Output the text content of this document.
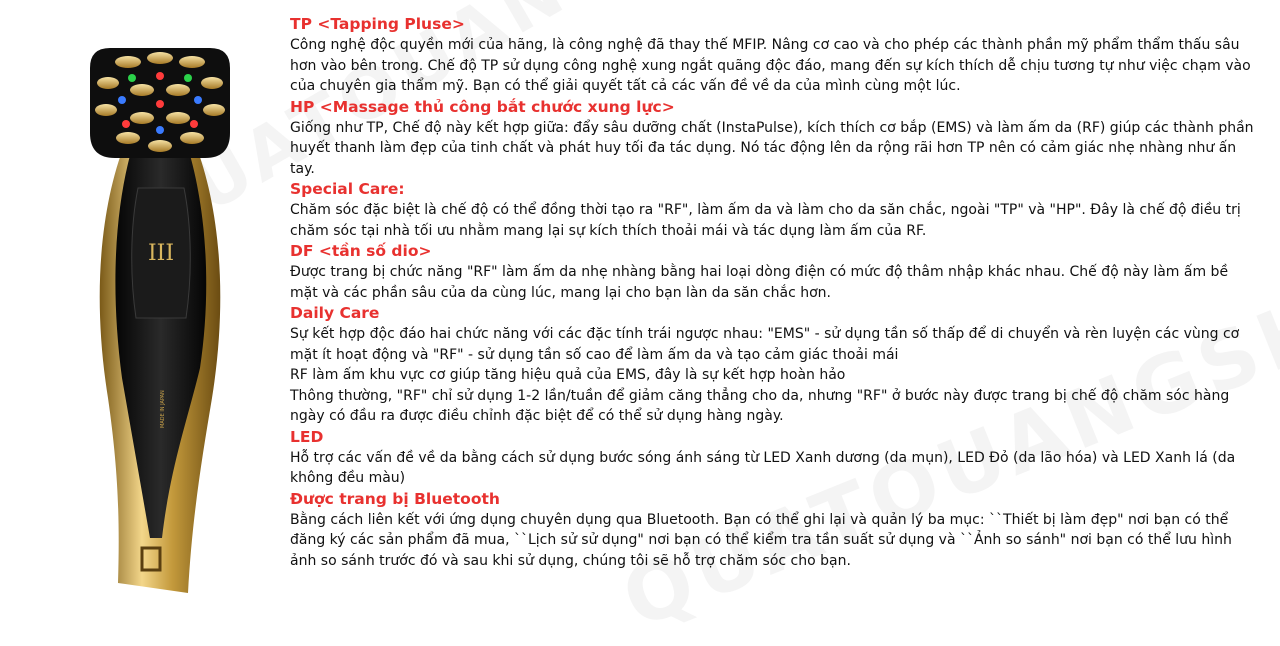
III
MADE IN JAPAN

TP <Tapping Pluse>

Công nghệ độc quyền mới của hãng, là công nghệ đã thay thế MFIP. Nâng cơ cao và cho phép các thành phần mỹ phẩm thẩm thấu sâu hơn vào bên trong. Chế độ TP sử dụng công nghệ xung ngắt quãng độc đáo, mang đến sự kích thích dễ chịu tương tự như việc chạm vào của chuyên gia thẩm mỹ. Bạn có thể giải quyết tất cả các vấn đề về da của mình cùng một lúc.

HP <Massage thủ công bắt chước xung lực>

Giống như TP, Chế độ này kết hợp giữa: đẩy sâu dưỡng chất (InstaPulse), kích thích cơ bắp (EMS) và làm ấm da (RF) giúp các thành phần huyết thanh làm đẹp của tinh chất và phát huy tối đa tác dụng. Nó tác động lên da rộng rãi hơn TP nên có cảm giác nhẹ nhàng như ấn tay.

Special Care:

Chăm sóc đặc biệt là chế độ có thể đồng thời tạo ra "RF", làm ấm da và làm cho da săn chắc, ngoài "TP" và "HP". Đây là chế độ điều trị chăm sóc tại nhà tối ưu nhằm mang lại sự kích thích thoải mái và tác dụng làm ấm của RF.

DF <tần số dio>

Được trang bị chức năng "RF" làm ấm da nhẹ nhàng bằng hai loại dòng điện có mức độ thâm nhập khác nhau. Chế độ này làm ấm bề mặt và các phần sâu của da cùng lúc, mang lại cho bạn làn da săn chắc hơn.

Daily Care

Sự kết hợp độc đáo hai chức năng với các đặc tính trái ngược nhau: "EMS" - sử dụng tần số thấp để di chuyển và rèn luyện các vùng cơ mặt ít hoạt động và "RF" - sử dụng tần số cao để làm ấm da và tạo cảm giác thoải mái

RF làm ấm khu vực cơ giúp tăng hiệu quả của EMS, đây là sự kết hợp hoàn hảo

Thông thường, "RF" chỉ sử dụng 1-2 lần/tuần để giảm căng thẳng cho da, nhưng "RF" ở bước này được trang bị chế độ chăm sóc hàng ngày có đầu ra được điều chỉnh đặc biệt để có thể sử dụng hàng ngày.

LED

Hỗ trợ các vấn đề về da bằng cách sử dụng bước sóng ánh sáng từ LED Xanh dương (da mụn), LED Đỏ (da lão hóa) và LED Xanh lá (da không đều màu)

Được trang bị Bluetooth

Bằng cách liên kết với ứng dụng chuyên dụng qua Bluetooth. Bạn có thể ghi lại và quản lý ba mục: ``Thiết bị làm đẹp" nơi bạn có thể đăng ký các sản phẩm đã mua, ``Lịch sử sử dụng" nơi bạn có thể kiểm tra tần suất sử dụng và ``Ảnh so sánh" nơi bạn có thể lưu hình ảnh so sánh trước đó và sau khi sử dụng, chúng tôi sẽ hỗ trợ chăm sóc cho bạn.
